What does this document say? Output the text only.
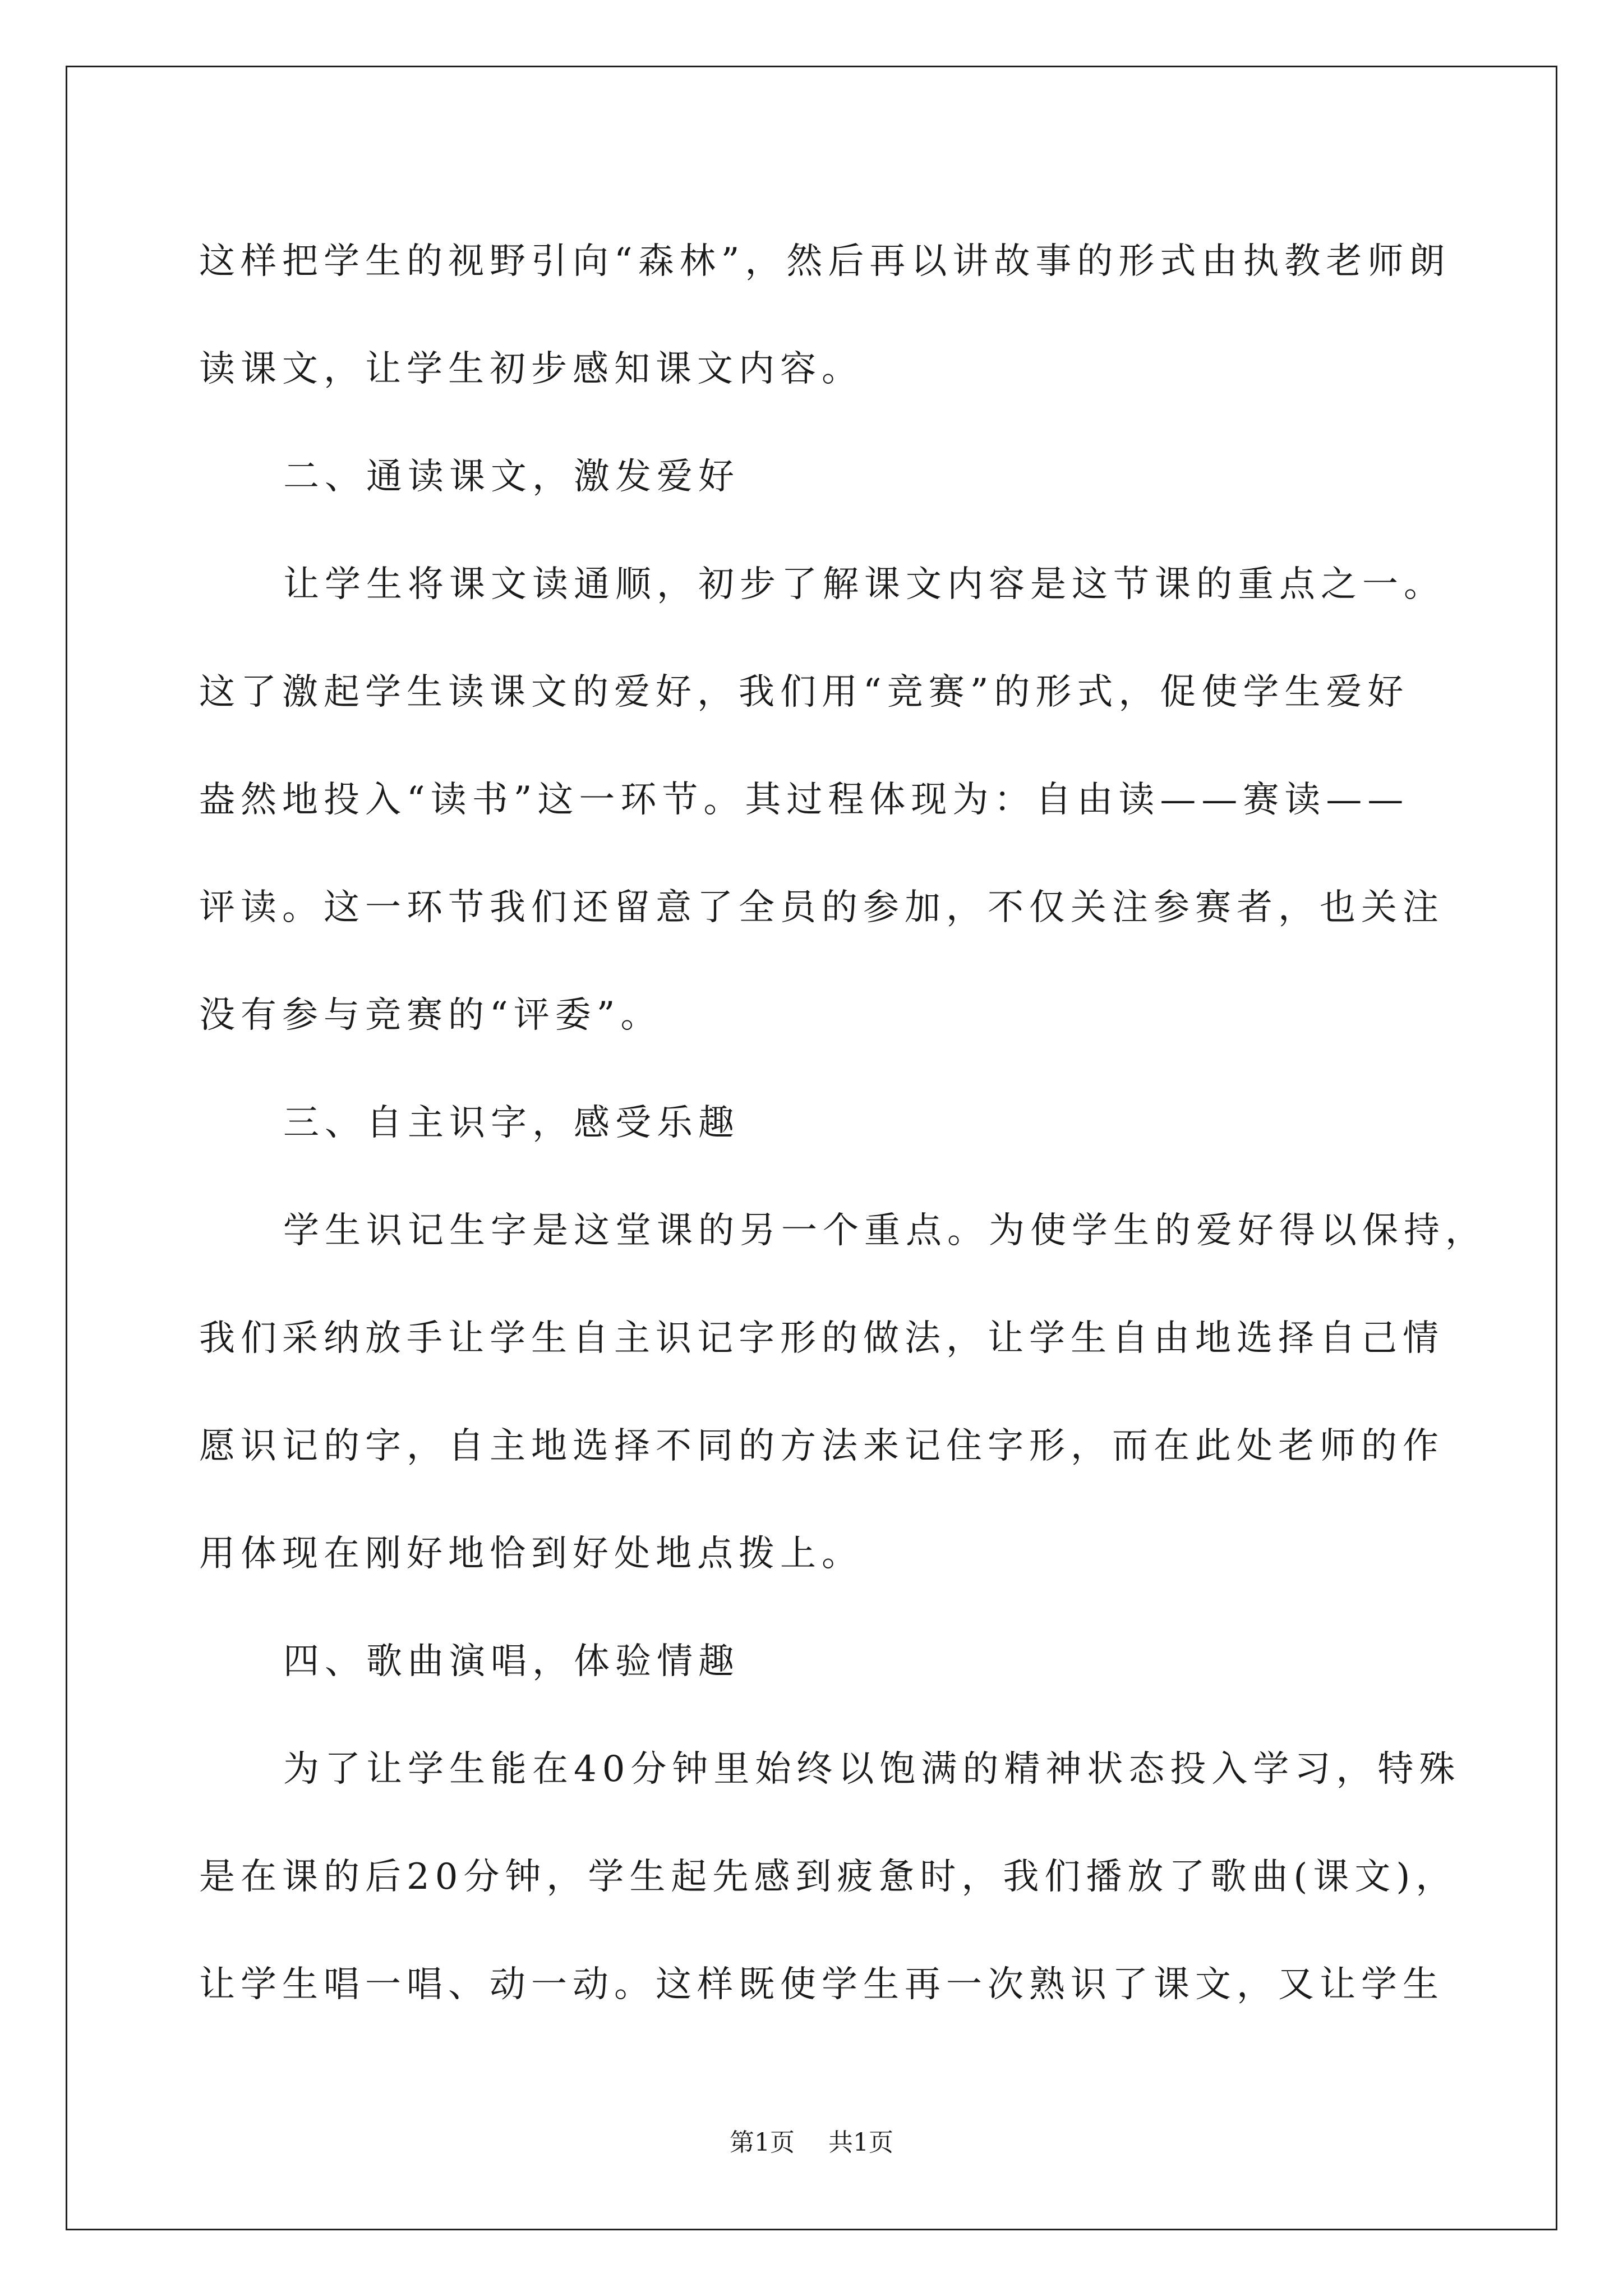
这样把学生的视野引向“森林”，然后再以讲故事的形式由执教老师朗
读课文，让学生初步感知课文内容。
二、通读课文，激发爱好
让学生将课文读通顺，初步了解课文内容是这节课的重点之一。
这了激起学生读课文的爱好，我们用“竞赛”的形式，促使学生爱好
盎然地投入“读书”这一环节。其过程体现为：自由读——赛读——
评读。这一环节我们还留意了全员的参加，不仅关注参赛者，也关注
没有参与竞赛的“评委”。
三、自主识字，感受乐趣
学生识记生字是这堂课的另一个重点。为使学生的爱好得以保持，
我们采纳放手让学生自主识记字形的做法，让学生自由地选择自己情
愿识记的字，自主地选择不同的方法来记住字形，而在此处老师的作
用体现在刚好地恰到好处地点拨上。
四、歌曲演唱，体验情趣
为了让学生能在40分钟里始终以饱满的精神状态投入学习，特殊
是在课的后20分钟，学生起先感到疲惫时，我们播放了歌曲(课文)，
让学生唱一唱、动一动。这样既使学生再一次熟识了课文，又让学生
第1页 共1页
